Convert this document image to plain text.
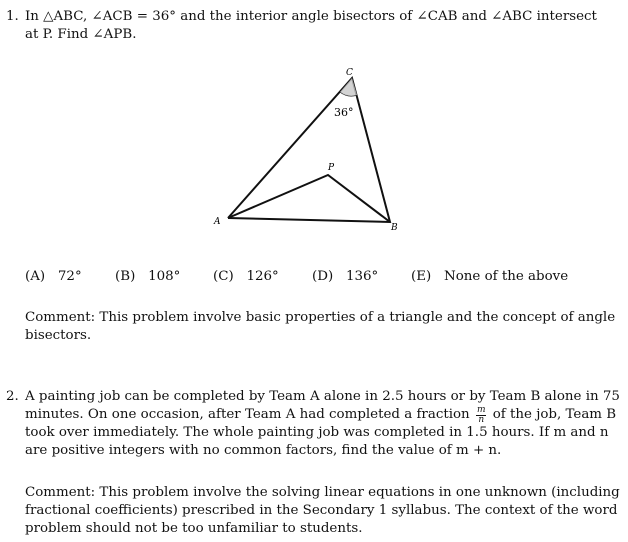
1. In △ABC, ∠ACB = 36° and the interior angle bisectors of ∠CAB and ∠ABC intersect
at P. Find ∠APB.
C
36°
P
A
B
(A) 72° (B) 108° (C) 126° (D) 136° (E) None of the above
Comment: This problem involve basic properties of a triangle and the concept of angle
bisectors.
2. A painting job can be completed by Team A alone in 2.5 hours or by Team B alone in 75
minutes. On one occasion, after Team A had completed a fraction $\frac{m}{n}$ of the job, Team B
took over immediately. The whole painting job was completed in 1.5 hours. If m and n
are positive integers with no common factors, find the value of m + n.
Comment: This problem involve the solving linear equations in one unknown (including
fractional coefficients) prescribed in the Secondary 1 syllabus. The context of the word
problem should not be too unfamiliar to students.
